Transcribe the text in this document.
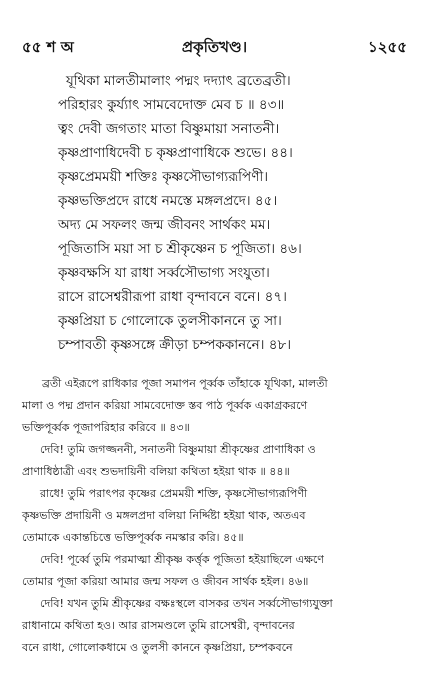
৫৫ শ অ	প্রকৃতিখণ্ড।	১২৫৫
যূথিকা মালতীমালাং পদ্মং দদ্যাৎ ব্রতেব্রতী।
পরিহারং কুর্য্যাৎ সামবেদোক্ত মেব চ ॥ ৪৩॥
ত্বং দেবী জগতাং মাতা বিষ্ণুমায়া সনাতনী।
কৃষ্ণপ্রাণাধিদেবী চ কৃষ্ণপ্রাণাধিকে শুভে। ৪৪।
কৃষ্ণপ্রেমময়ী শক্তিঃ কৃষ্ণসৌভাগ্যরূপিণী।
কৃষ্ণভক্তিপ্রদে রাধে নমস্তে মঙ্গলপ্রদে। ৪৫।
অদ্য মে সফলং জন্ম জীবনং সার্থকং মম।
পূজিতাসি ময়া সা চ শ্রীকৃষ্ণেন চ পূজিতা। ৪৬।
কৃষ্ণবক্ষসি যা রাধা সর্ব্বসৌভাগ্য সংযুতা।
রাসে রাসেশ্বরীরূপা রাধা বৃন্দাবনে বনে। ৪৭।
কৃষ্ণপ্রিয়া চ গোলোকে তুলসীকাননে তু সা।
চম্পাবতী কৃষ্ণসঙ্গে ক্রীড়া চম্পককাননে। ৪৮।
ব্রতী এইরূপে রাধিকার পূজা সমাপন পূর্ব্বক তাঁহাকে যূথিকা, মালতী
মালা ও পদ্ম প্রদান করিয়া সামবেদোক্ত স্তব পাঠ পূর্ব্বক একাগ্রকরণে
ভক্তিপূর্ব্বক পূজাপরিহার করিবে ॥ ৪৩॥
দেবি! তুমি জগজ্জননী, সনাতনী বিষ্ণুমায়া শ্রীকৃষ্ণের প্রাণাধিকা ও
প্রাণাধিষ্ঠাত্রী এবং শুভদায়িনী বলিয়া কথিতা হইয়া থাক ॥ ৪৪॥
রাধে! তুমি পরাৎপর কৃষ্ণের প্রেমময়ী শক্তি, কৃষ্ণসৌভাগ্যরূপিণী
কৃষ্ণভক্তি প্রদায়িনী ও মঙ্গলপ্রদা বলিয়া নির্দ্দিষ্টা হইয়া থাক, অতএব
তোমাকে একান্তচিত্তে ভক্তিপূর্ব্বক নমস্কার করি। ৪৫॥
দেবি! পূর্ব্বে তুমি পরমাত্মা শ্রীকৃষ্ণ কর্ত্তৃক পূজিতা হইয়াছিলে এক্ষণে
তোমার পূজা করিয়া আমার জন্ম সফল ও জীবন সার্থক হইল। ৪৬॥
দেবি! যখন তুমি শ্রীকৃষ্ণের বক্ষঃস্থলে বাসকর তখন সর্ব্বসৌভাগ্যযুক্তা
রাধানামে কথিতা হও। আর রাসমণ্ডলে তুমি রাসেশ্বরী, বৃন্দাবনের
বনে রাধা, গোলোকধামে ও তুলসী কাননে কৃষ্ণপ্রিয়া, চম্পকবনে
